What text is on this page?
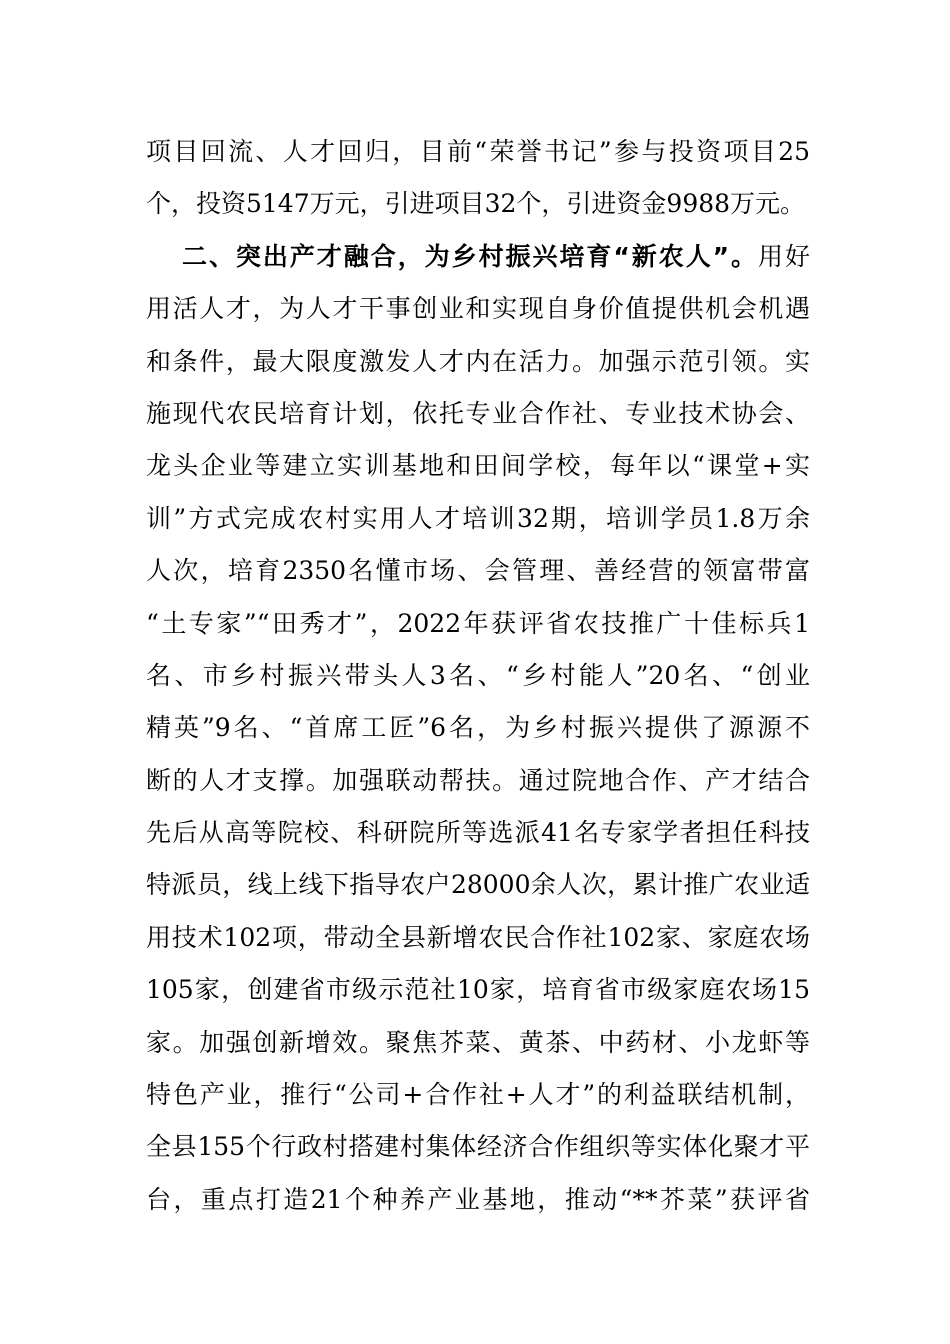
项目回流、人才回归，目前“荣誉书记”参与投资项目25
个，投资5147万元，引进项目32个，引进资金9988万元。
二、突出产才融合，为乡村振兴培育“新农人”。用好
用活人才，为人才干事创业和实现自身价值提供机会机遇
和条件，最大限度激发人才内在活力。加强示范引领。实
施现代农民培育计划，依托专业合作社、专业技术协会、
龙头企业等建立实训基地和田间学校，每年以“课堂+实
训”方式完成农村实用人才培训32期，培训学员1.8万余
人次，培育2350名懂市场、会管理、善经营的领富带富
“土专家”“田秀才”，2022年获评省农技推广十佳标兵1
名、市乡村振兴带头人3名、“乡村能人”20名、“创业
精英”9名、“首席工匠”6名，为乡村振兴提供了源源不
断的人才支撑。加强联动帮扶。通过院地合作、产才结合
先后从高等院校、科研院所等选派41名专家学者担任科技
特派员，线上线下指导农户28000余人次，累计推广农业适
用技术102项，带动全县新增农民合作社102家、家庭农场
105家，创建省市级示范社10家，培育省市级家庭农场15
家。加强创新增效。聚焦芥菜、黄茶、中药材、小龙虾等
特色产业，推行“公司+合作社+人才”的利益联结机制，
全县155个行政村搭建村集体经济合作组织等实体化聚才平
台，重点打造21个种养产业基地，推动“**芥菜”获评省
